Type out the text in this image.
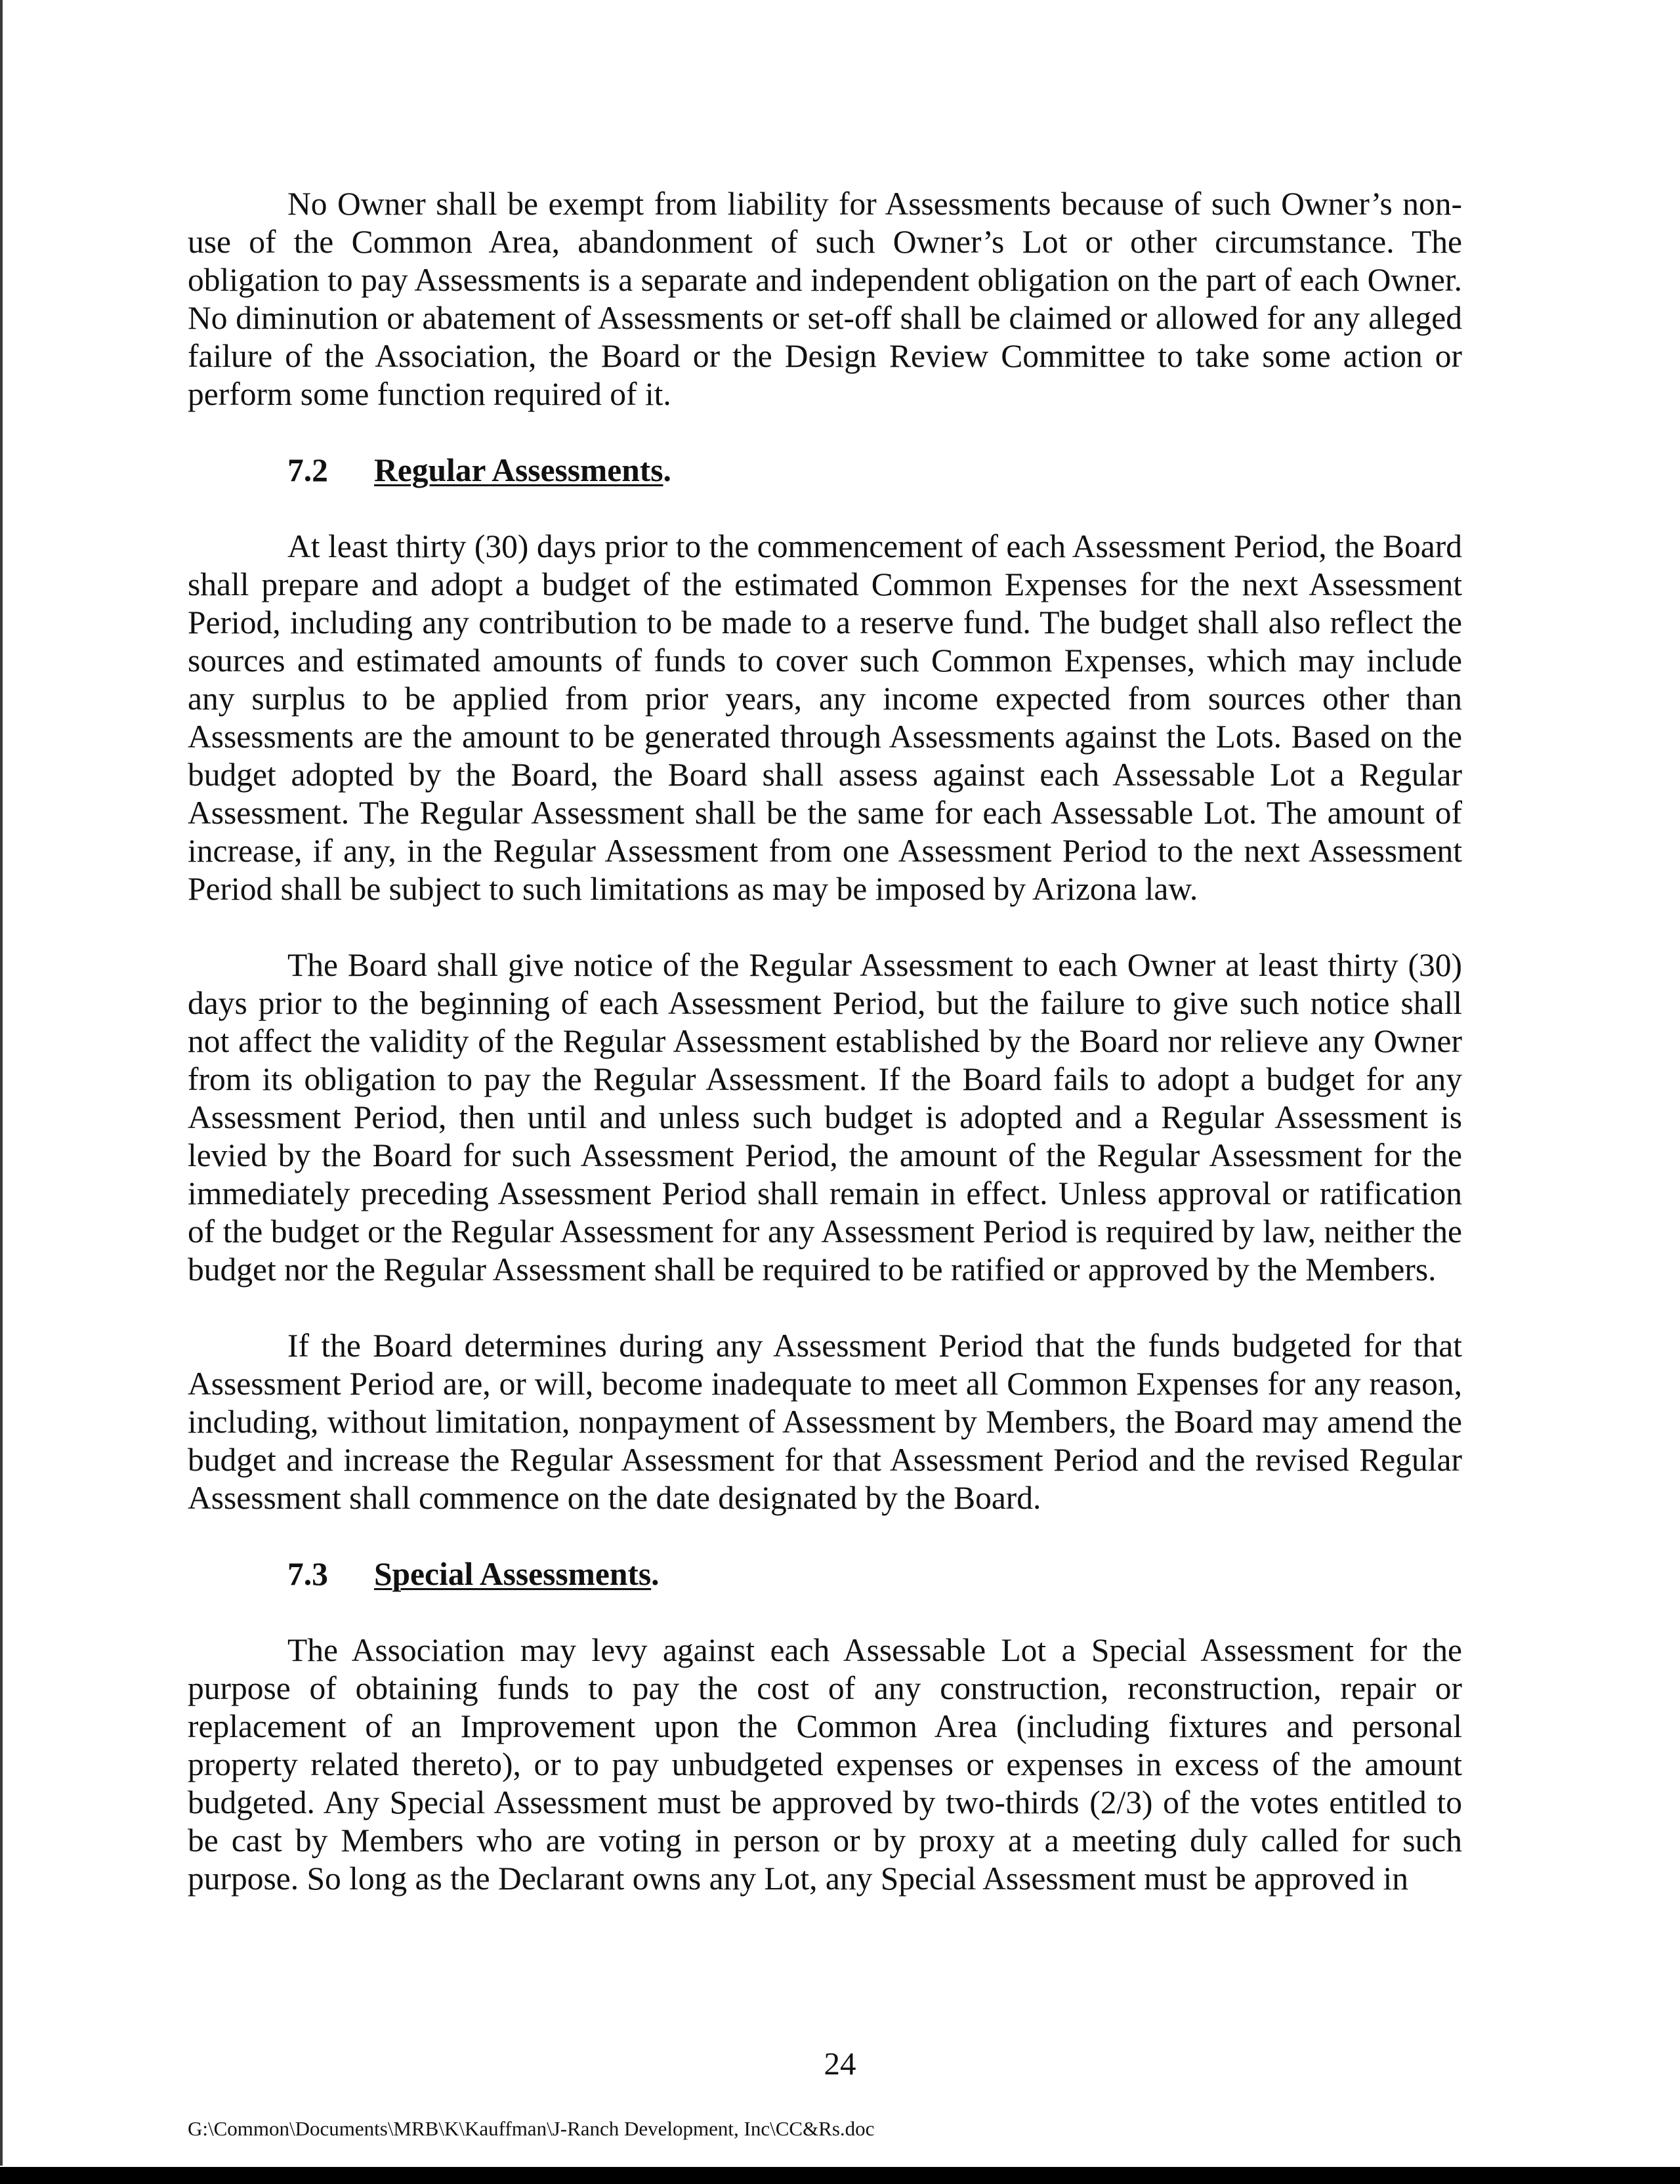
No Owner shall be exempt from liability for Assessments because of such Owner’s non-use of the Common Area, abandonment of such Owner’s Lot or other circumstance. The obligation to pay Assessments is a separate and independent obligation on the part of each Owner. No diminution or abatement of Assessments or set-off shall be claimed or allowed for any alleged failure of the Association, the Board or the Design Review Committee to take some action or perform some function required of it.

7.2 Regular Assessments.

At least thirty (30) days prior to the commencement of each Assessment Period, the Board shall prepare and adopt a budget of the estimated Common Expenses for the next Assessment Period, including any contribution to be made to a reserve fund. The budget shall also reflect the sources and estimated amounts of funds to cover such Common Expenses, which may include any surplus to be applied from prior years, any income expected from sources other than Assessments are the amount to be generated through Assessments against the Lots. Based on the budget adopted by the Board, the Board shall assess against each Assessable Lot a Regular Assessment. The Regular Assessment shall be the same for each Assessable Lot. The amount of increase, if any, in the Regular Assessment from one Assessment Period to the next Assessment Period shall be subject to such limitations as may be imposed by Arizona law.

The Board shall give notice of the Regular Assessment to each Owner at least thirty (30) days prior to the beginning of each Assessment Period, but the failure to give such notice shall not affect the validity of the Regular Assessment established by the Board nor relieve any Owner from its obligation to pay the Regular Assessment. If the Board fails to adopt a budget for any Assessment Period, then until and unless such budget is adopted and a Regular Assessment is levied by the Board for such Assessment Period, the amount of the Regular Assessment for the immediately preceding Assessment Period shall remain in effect. Unless approval or ratification of the budget or the Regular Assessment for any Assessment Period is required by law, neither the budget nor the Regular Assessment shall be required to be ratified or approved by the Members.

If the Board determines during any Assessment Period that the funds budgeted for that Assessment Period are, or will, become inadequate to meet all Common Expenses for any reason, including, without limitation, nonpayment of Assessment by Members, the Board may amend the budget and increase the Regular Assessment for that Assessment Period and the revised Regular Assessment shall commence on the date designated by the Board.

7.3 Special Assessments.

The Association may levy against each Assessable Lot a Special Assessment for the purpose of obtaining funds to pay the cost of any construction, reconstruction, repair or replacement of an Improvement upon the Common Area (including fixtures and personal property related thereto), or to pay unbudgeted expenses or expenses in excess of the amount budgeted. Any Special Assessment must be approved by two-thirds (2/3) of the votes entitled to be cast by Members who are voting in person or by proxy at a meeting duly called for such purpose. So long as the Declarant owns any Lot, any Special Assessment must be approved in

24
G:\Common\Documents\MRB\K\Kauffman\J-Ranch Development, Inc\CC&Rs.doc
